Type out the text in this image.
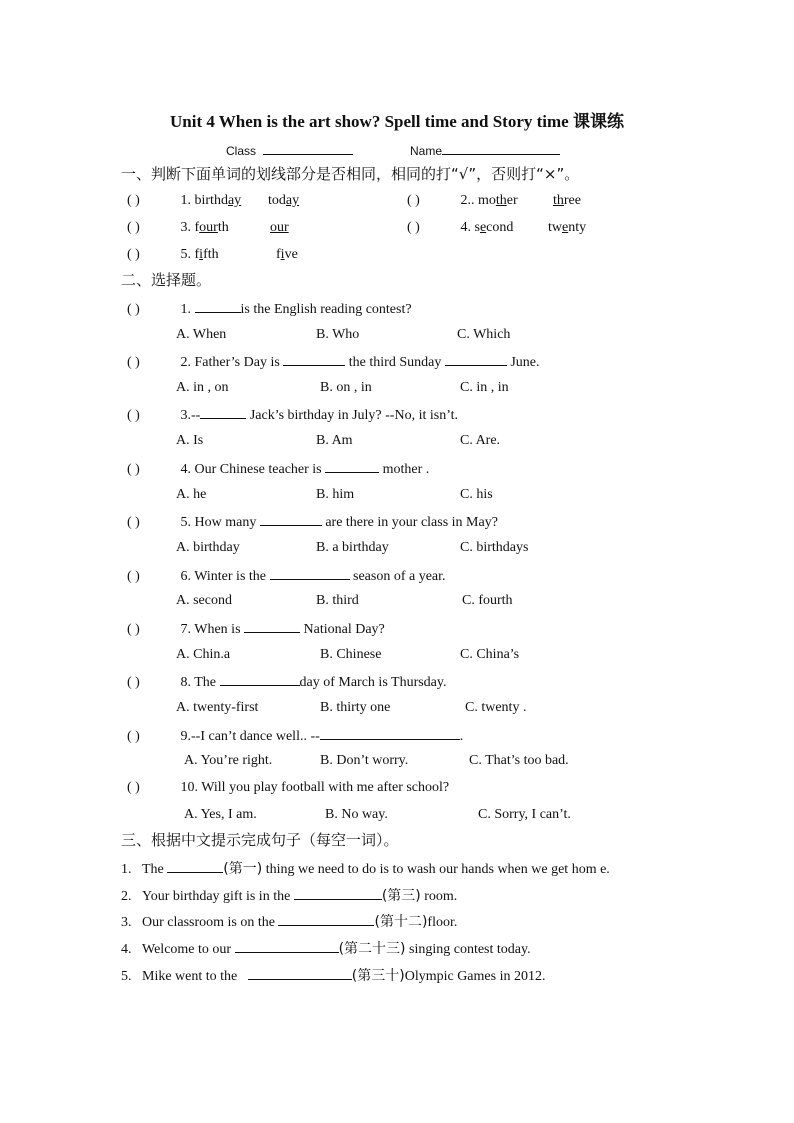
Unit 4 When is the art show? Spell time and Story time 课课练
Class	Name
一、判断下面单词的划线部分是否相同，相同的打“√”，否则打“×”。
( )	1. birthday today	( )	2.. mother	three
( )	3. fourth	our	( )	4. second twenty
( )	5. fifth	five
二、选择题。
( )	1.	is the English reading contest?
A. When	B. Who	C. Which
( )	2. Father’s Day is	the third Sunday	June.
A. in , on	B. on , in	C. in , in
( )	3.--	Jack’s birthday in July? --No, it isn’t.
A. Is	B. Am	C. Are.
( )	4. Our Chinese teacher is	mother .
A. he	B. him	C. his
( )	5. How many	are there in your class in May?
A. birthday	B. a birthday	C. birthdays
( )	6. Winter is the	season of a year.
A. second	B. third	C. fourth
( )	7. When is	National Day?
A. Chin.a	B. Chinese	C. China’s
( )	8. The	day of March is Thursday.
A. twenty-first	B. thirty one	C. twenty .
( )	9.--I can’t dance well.. --	.
A. You’re right.	B. Don’t worry.	C. That’s too bad.
( )	10. Will you play football with me after school?
A. Yes, I am.	B. No way.	C. Sorry, I can’t.
三、根据中文提示完成句子（每空一词）。
1. The	(第一) thing we need to do is to wash our hands when we get hom e.
2. Your birthday gift is in the	(第三) room.
3. Our classroom is on the	(第十二)floor.
4. Welcome to our	(第二十三) singing contest today.
5. Mike went to the	(第三十)Olympic Games in 2012.
